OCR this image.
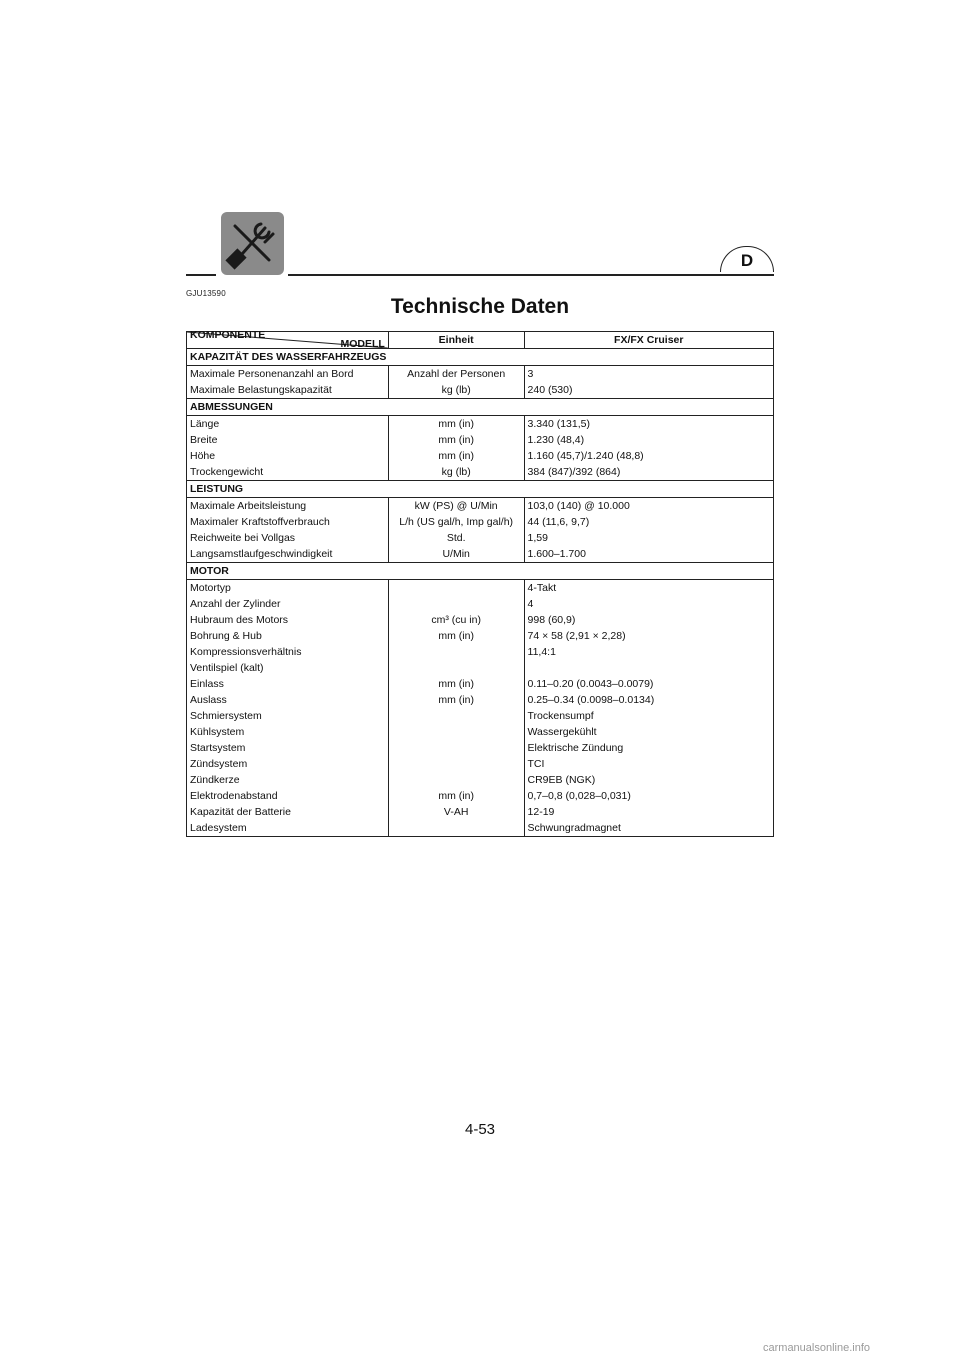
D
GJU13590
Technische Daten
MODELL
KOMPONENTE	Einheit	FX/FX Cruiser
KAPAZITÄT DES WASSERFAHRZEUGS		
Maximale Personenanzahl an Bord	Anzahl der Personen	3
Maximale Belastungskapazität	kg (lb)	240 (530)
ABMESSUNGEN		
Länge	mm (in)	3.340 (131,5)
Breite	mm (in)	1.230 (48,4)
Höhe	mm (in)	1.160 (45,7)/1.240 (48,8)
Trockengewicht	kg (lb)	384 (847)/392 (864)
LEISTUNG		
Maximale Arbeitsleistung	kW (PS) @ U/Min	103,0 (140) @ 10.000
Maximaler Kraftstoffverbrauch	L/h (US gal/h, Imp gal/h)	44 (11,6, 9,7)
Reichweite bei Vollgas	Std.	1,59
Langsamstlaufgeschwindigkeit	U/Min	1.600–1.700
MOTOR		
Motortyp		4-Takt
Anzahl der Zylinder		4
Hubraum des Motors	cm³ (cu in)	998 (60,9)
Bohrung & Hub	mm (in)	74 × 58 (2,91 × 2,28)
Kompressionsverhältnis		11,4:1
Ventilspiel (kalt)		
Einlass	mm (in)	0.11–0.20 (0.0043–0.0079)
Auslass	mm (in)	0.25–0.34 (0.0098–0.0134)
Schmiersystem		Trockensumpf
Kühlsystem		Wassergekühlt
Startsystem		Elektrische Zündung
Zündsystem		TCI
Zündkerze		CR9EB (NGK)
Elektrodenabstand	mm (in)	0,7–0,8 (0,028–0,031)
Kapazität der Batterie	V-AH	12-19
Ladesystem		Schwungradmagnet
4-53
carmanualsonline.info
